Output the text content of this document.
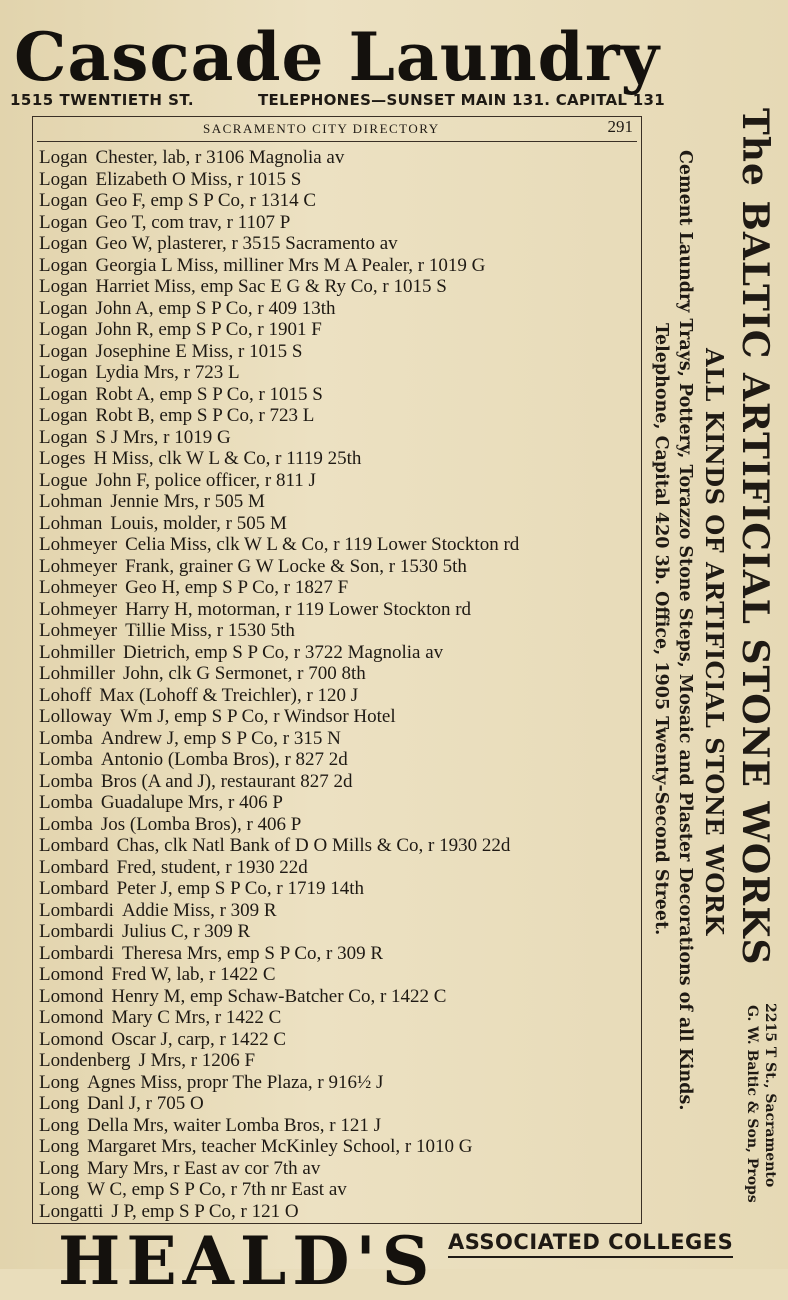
Cascade Laundry
1515 TWENTIETH ST.	TELEPHONES—SUNSET MAIN 131. CAPITAL 131
SACRAMENTO CITY DIRECTORY	291
Logan Chester, lab, r 3106 Magnolia av
Logan Elizabeth O Miss, r 1015 S
Logan Geo F, emp S P Co, r 1314 C
Logan Geo T, com trav, r 1107 P
Logan Geo W, plasterer, r 3515 Sacramento av
Logan Georgia L Miss, milliner Mrs M A Pealer, r 1019 G
Logan Harriet Miss, emp Sac E G & Ry Co, r 1015 S
Logan John A, emp S P Co, r 409 13th
Logan John R, emp S P Co, r 1901 F
Logan Josephine E Miss, r 1015 S
Logan Lydia Mrs, r 723 L
Logan Robt A, emp S P Co, r 1015 S
Logan Robt B, emp S P Co, r 723 L
Logan S J Mrs, r 1019 G
Loges H Miss, clk W L & Co, r 1119 25th
Logue John F, police officer, r 811 J
Lohman Jennie Mrs, r 505 M
Lohman Louis, molder, r 505 M
Lohmeyer Celia Miss, clk W L & Co, r 119 Lower Stockton rd
Lohmeyer Frank, grainer G W Locke & Son, r 1530 5th
Lohmeyer Geo H, emp S P Co, r 1827 F
Lohmeyer Harry H, motorman, r 119 Lower Stockton rd
Lohmeyer Tillie Miss, r 1530 5th
Lohmiller Dietrich, emp S P Co, r 3722 Magnolia av
Lohmiller John, clk G Sermonet, r 700 8th
Lohoff Max (Lohoff & Treichler), r 120 J
Lolloway Wm J, emp S P Co, r Windsor Hotel
Lomba Andrew J, emp S P Co, r 315 N
Lomba Antonio (Lomba Bros), r 827 2d
Lomba Bros (A and J), restaurant 827 2d
Lomba Guadalupe Mrs, r 406 P
Lomba Jos (Lomba Bros), r 406 P
Lombard Chas, clk Natl Bank of D O Mills & Co, r 1930 22d
Lombard Fred, student, r 1930 22d
Lombard Peter J, emp S P Co, r 1719 14th
Lombardi Addie Miss, r 309 R
Lombardi Julius C, r 309 R
Lombardi Theresa Mrs, emp S P Co, r 309 R
Lomond Fred W, lab, r 1422 C
Lomond Henry M, emp Schaw-Batcher Co, r 1422 C
Lomond Mary C Mrs, r 1422 C
Lomond Oscar J, carp, r 1422 C
Londenberg J Mrs, r 1206 F
Long Agnes Miss, propr The Plaza, r 916½ J
Long Danl J, r 705 O
Long Della Mrs, waiter Lomba Bros, r 121 J
Long Margaret Mrs, teacher McKinley School, r 1010 G
Long Mary Mrs, r East av cor 7th av
Long W C, emp S P Co, r 7th nr East av
Longatti J P, emp S P Co, r 121 O
The BALTIC ARTIFICIAL STONE WORKS
ALL KINDS OF ARTIFICIAL STONE WORK
Cement Laundry Trays, Pottery, Torazzo Stone Steps, Mosaic and Plaster Decorations of all Kinds.
Telephone, Capital 420 3b. Office, 1905 Twenty-Second Street.
2215 T St., Sacramento
G. W. Baltic & Son, Props
HEALD'S ASSOCIATED COLLEGES
